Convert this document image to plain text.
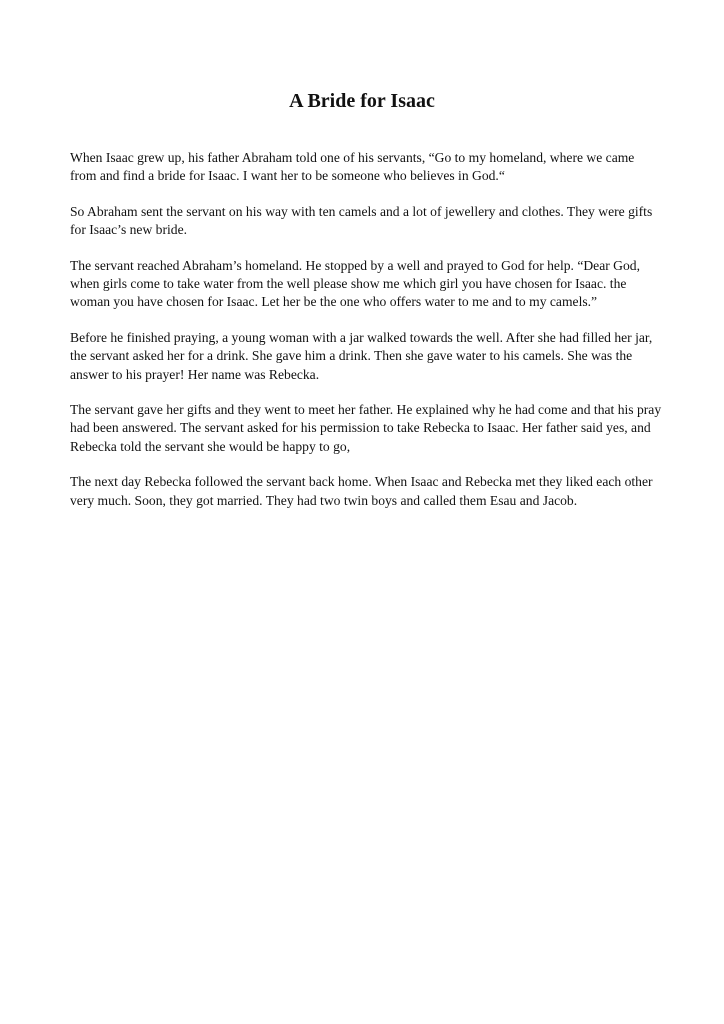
A Bride for Isaac

When Isaac grew up, his father Abraham told one of his servants, “Go to my homeland, where we came from and find a bride for Isaac. I want her to be someone who believes in God.“

So Abraham sent the servant on his way with ten camels and a lot of jewellery and clothes. They were gifts for Isaac’s new bride.

The servant reached Abraham’s homeland. He stopped by a well and prayed to God for help. “Dear God, when girls come to take water from the well please show me which girl you have chosen for Isaac. the woman you have chosen for Isaac. Let her be the one who offers water to me and to my camels.”

Before he finished praying, a young woman with a jar walked towards the well. After she had filled her jar, the servant asked her for a drink. She gave him a drink. Then she gave water to his camels. She was the answer to his prayer! Her name was Rebecka.

The servant gave her gifts and they went to meet her father. He explained why he had come and that his pray had been answered. The servant asked for his permission to take Rebecka to Isaac. Her father said yes, and Rebecka told the servant she would be happy to go,

The next day Rebecka followed the servant back home. When Isaac and Rebecka met they liked each other very much. Soon, they got married. They had two twin boys and called them Esau and Jacob.
